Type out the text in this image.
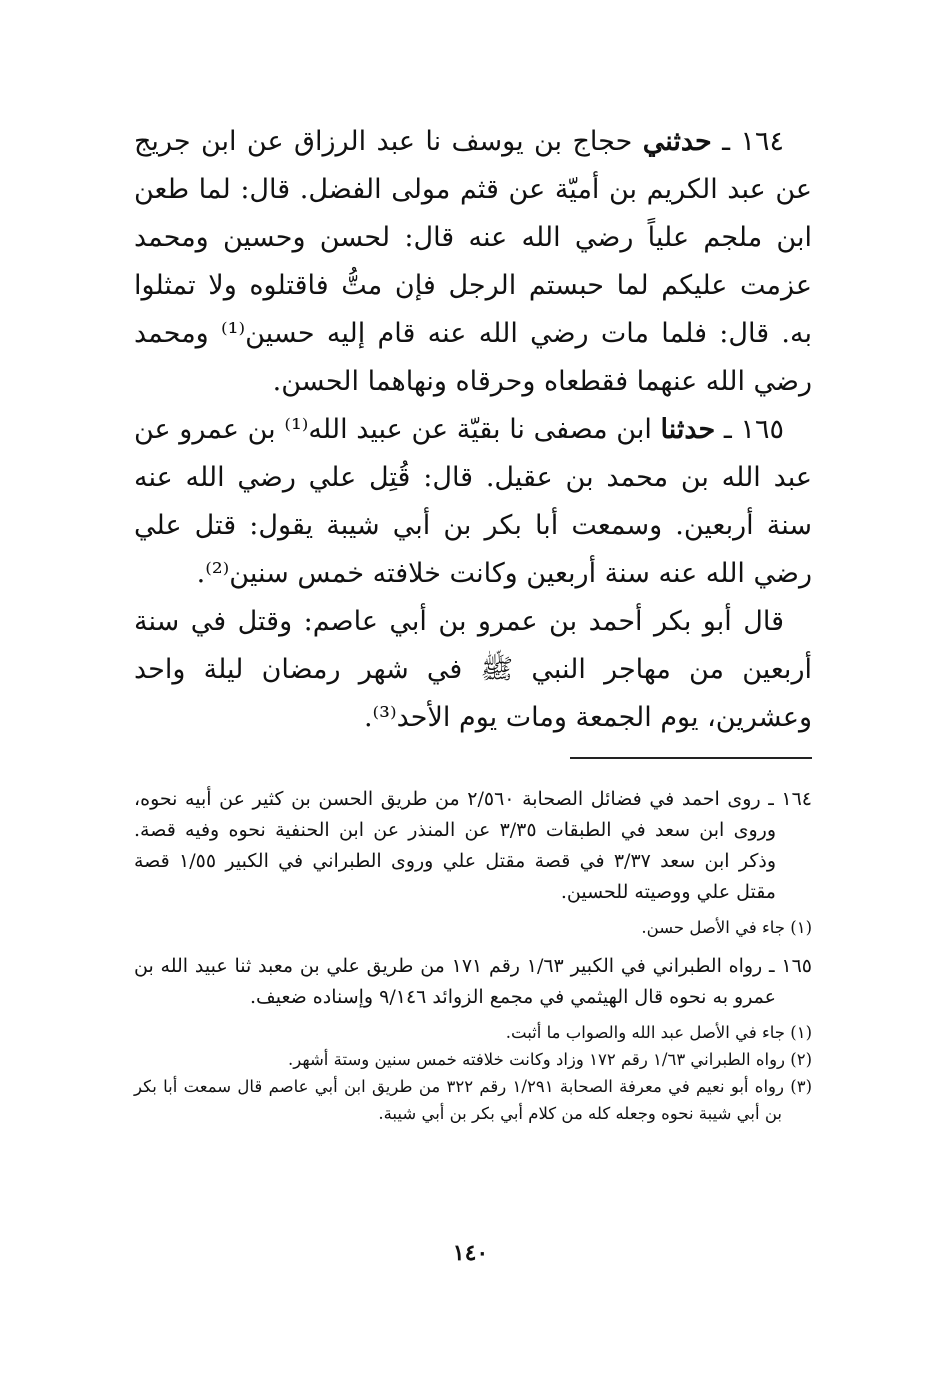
١٦٤ ـ حدثني حجاج بن يوسف نا عبد الرزاق عن ابن جريج عن عبد الكريم بن أميّة عن قثم مولى الفضل. قال: لما طعن ابن ملجم علياً رضي الله عنه قال: لحسن وحسين ومحمد عزمت عليكم لما حبستم الرجل فإن متُّ فاقتلوه ولا تمثلوا به. قال: فلما مات رضي الله عنه قام إليه حسين⁽¹⁾ ومحمد رضي الله عنهما فقطعاه وحرقاه ونهاهما الحسن.

١٦٥ ـ حدثنا ابن مصفى نا بقيّة عن عبيد الله⁽¹⁾ بن عمرو عن عبد الله بن محمد بن عقيل. قال: قُتِل علي رضي الله عنه سنة أربعين. وسمعت أبا بكر بن أبي شيبة يقول: قتل علي رضي الله عنه سنة أربعين وكانت خلافته خمس سنين⁽²⁾.

قال أبو بكر أحمد بن عمرو بن أبي عاصم: وقتل في سنة أربعين من مهاجر النبي ﷺ في شهر رمضان ليلة واحد وعشرين، يوم الجمعة ومات يوم الأحد⁽³⁾.

١٦٤ ـ روى احمد في فضائل الصحابة ٢/٥٦٠ من طريق الحسن بن كثير عن أبيه نحوه، وروى ابن سعد في الطبقات ٣/٣٥ عن المنذر عن ابن الحنفية نحوه وفيه قصة. وذكر ابن سعد ٣/٣٧ في قصة مقتل علي وروى الطبراني في الكبير ١/٥٥ قصة مقتل علي ووصيته للحسين.

(١) جاء في الأصل حسن.

١٦٥ ـ رواه الطبراني في الكبير ١/٦٣ رقم ١٧١ من طريق علي بن معبد ثنا عبيد الله بن عمرو به نحوه قال الهيثمي في مجمع الزوائد ٩/١٤٦ وإسناده ضعيف.

(١) جاء في الأصل عبد الله والصواب ما أثبت.

(٢) رواه الطبراني ١/٦٣ رقم ١٧٢ وزاد وكانت خلافته خمس سنين وستة أشهر.

(٣) رواه أبو نعيم في معرفة الصحابة ١/٢٩١ رقم ٣٢٢ من طريق ابن أبي عاصم قال سمعت أبا بكر بن أبي شيبة نحوه وجعله كله من كلام أبي بكر بن أبي شيبة.

١٤٠
